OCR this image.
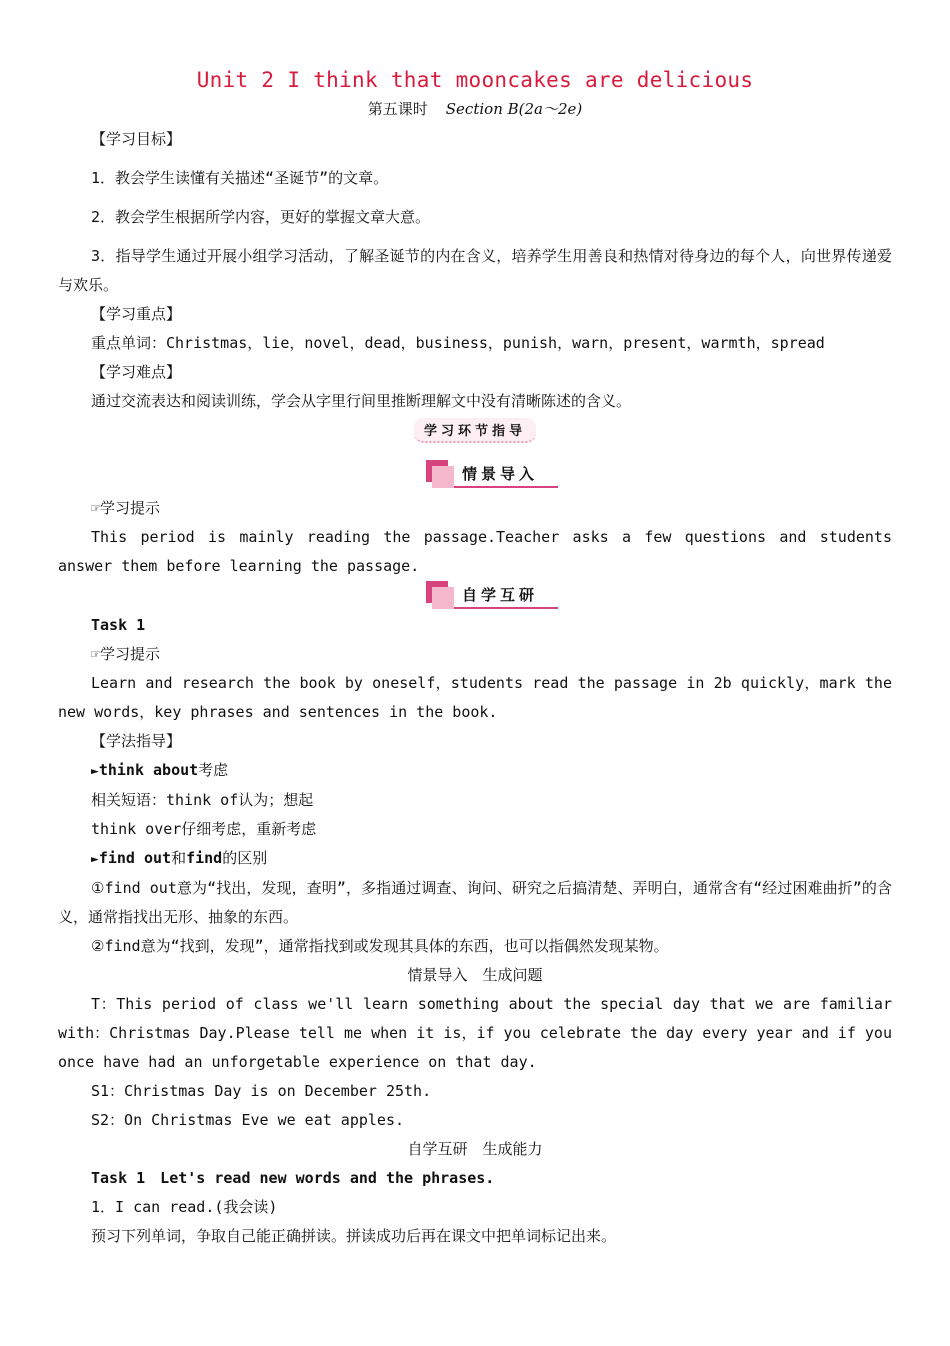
Unit 2 I think that mooncakes are delicious
第五课时 Section B(2a～2e)
【学习目标】
1．教会学生读懂有关描述“圣诞节”的文章。
2．教会学生根据所学内容，更好的掌握文章大意。
3．指导学生通过开展小组学习活动，了解圣诞节的内在含义，培养学生用善良和热情对待身边的每个人，向世界传递爱与欢乐。
【学习重点】
重点单词：Christmas，lie，novel，dead，business，punish，warn，present，warmth，spread
【学习难点】
通过交流表达和阅读训练，学会从字里行间里推断理解文中没有清晰陈述的含义。
学习环节指导
情景导入
☞学习提示
This period is mainly reading the passage.Teacher asks a few questions and students answer them before learning the passage.
自学互研
Task 1
☞学习提示
Learn and research the book by oneself，students read the passage in 2b quickly，mark the new words，key phrases and sentences in the book.
【学法指导】
►think about考虑
相关短语：think of认为；想起
think over仔细考虑，重新考虑
►find out和find的区别
①find out意为“找出，发现，查明”，多指通过调查、询问、研究之后搞清楚、弄明白，通常含有“经过困难曲折”的含义，通常指找出无形、抽象的东西。
②find意为“找到，发现”，通常指找到或发现其具体的东西，也可以指偶然发现某物。
情景导入　生成问题
T：This period of class we'll learn something about the special day that we are familiar with：Christmas Day.Please tell me when it is，if you celebrate the day every year and if you once have had an unforgetable experience on that day.
S1：Christmas Day is on December 25th.
S2：On Christmas Eve we eat apples.
自学互研　生成能力
Task 1　Let's read new words and the phrases.
1．I can read.(我会读)
预习下列单词，争取自己能正确拼读。拼读成功后再在课文中把单词标记出来。
